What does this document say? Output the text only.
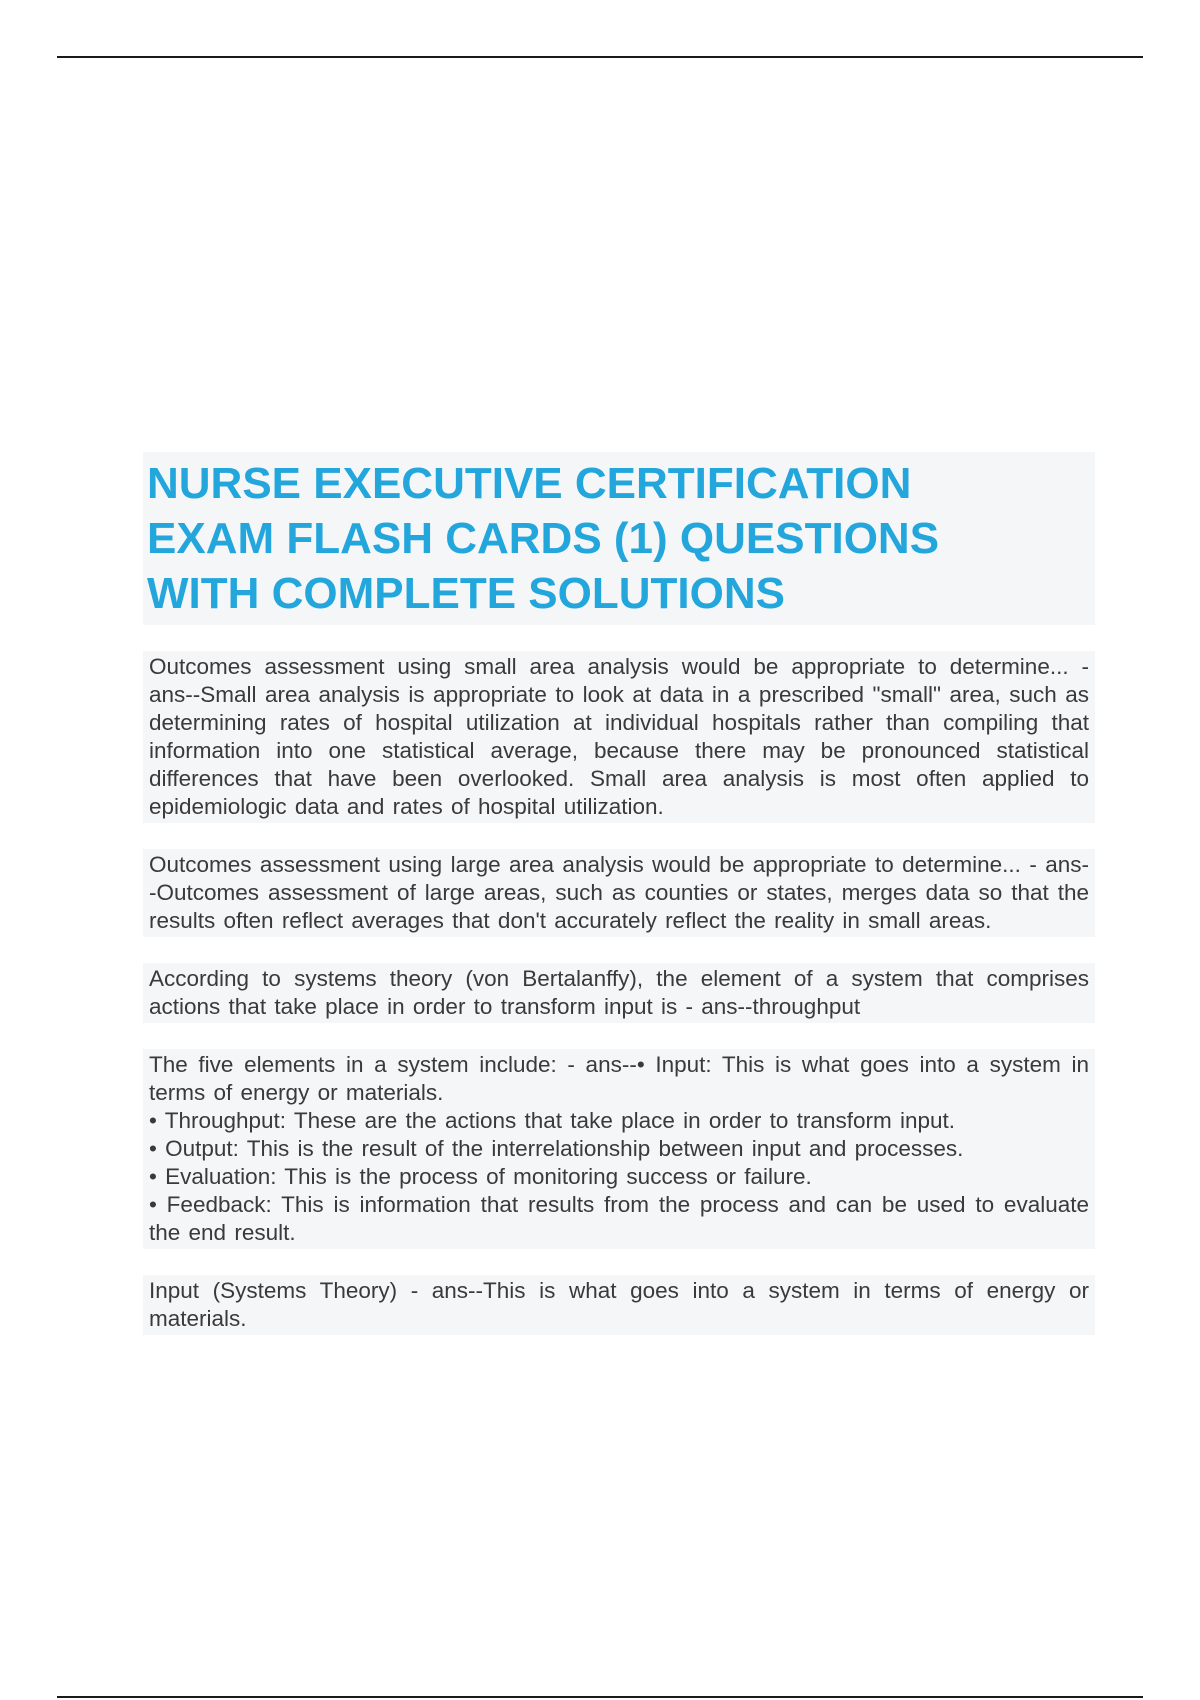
NURSE EXECUTIVE CERTIFICATION
EXAM FLASH CARDS (1) QUESTIONS
WITH COMPLETE SOLUTIONS

Outcomes assessment using small area analysis would be appropriate to determine... - ans--Small area analysis is appropriate to look at data in a prescribed "small" area, such as determining rates of hospital utilization at individual hospitals rather than compiling that information into one statistical average, because there may be pronounced statistical differences that have been overlooked. Small area analysis is most often applied to epidemiologic data and rates of hospital utilization.

Outcomes assessment using large area analysis would be appropriate to determine... - ans--Outcomes assessment of large areas, such as counties or states, merges data so that the results often reflect averages that don't accurately reflect the reality in small areas.

According to systems theory (von Bertalanffy), the element of a system that comprises actions that take place in order to transform input is - ans--throughput

The five elements in a system include: - ans--• Input: This is what goes into a system in terms of energy or materials.
• Throughput: These are the actions that take place in order to transform input.
• Output: This is the result of the interrelationship between input and processes.
• Evaluation: This is the process of monitoring success or failure.
• Feedback: This is information that results from the process and can be used to evaluate the end result.

Input (Systems Theory) - ans--This is what goes into a system in terms of energy or materials.
